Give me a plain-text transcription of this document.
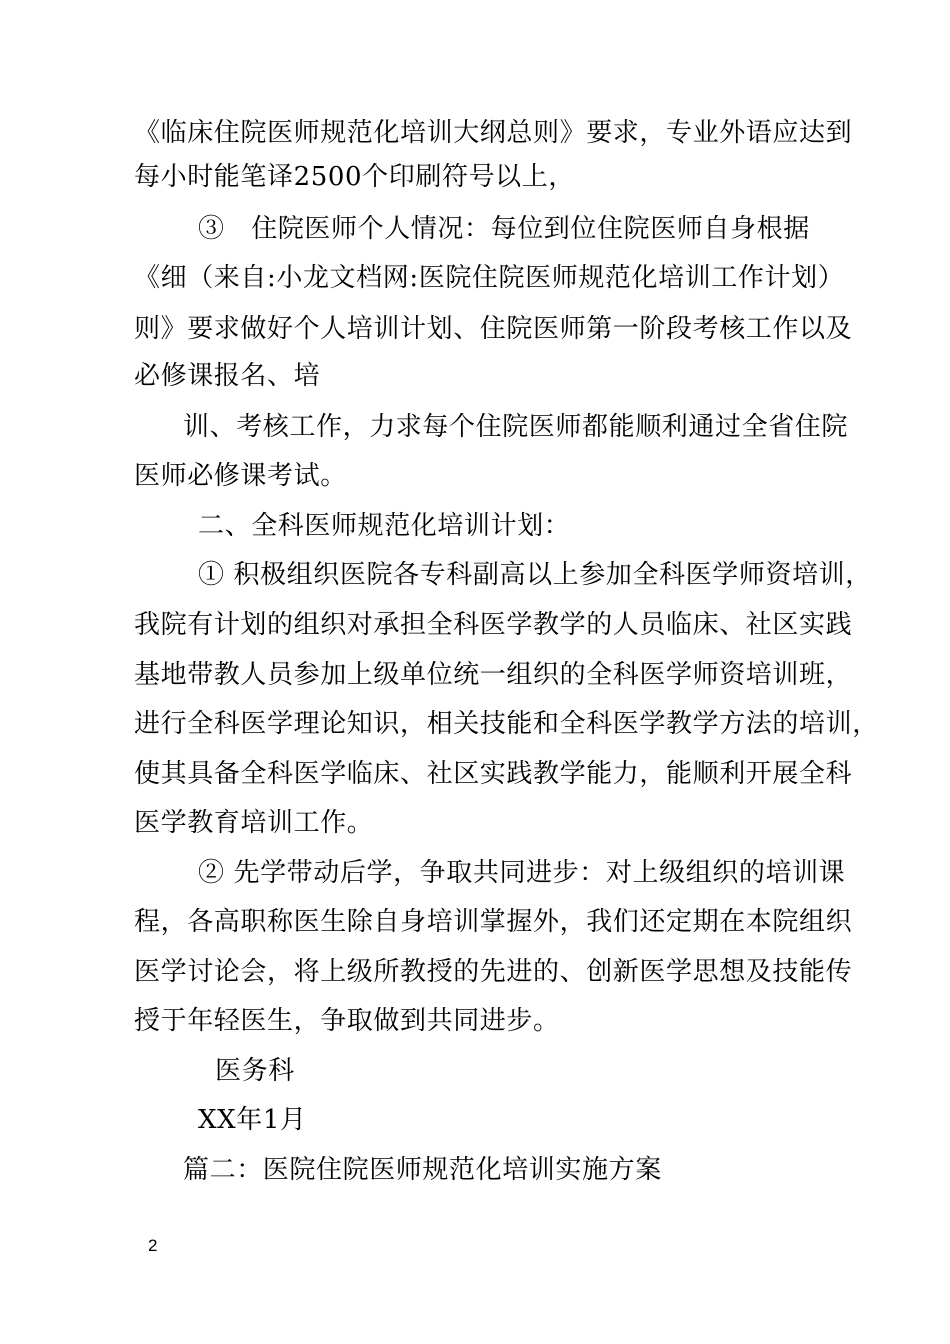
《临床住院医师规范化培训大纲总则》要求，专业外语应达到
每小时能笔译2500个印刷符号以上，
③　住院医师个人情况：每位到位住院医师自身根据
《细（来自:小龙文档网:医院住院医师规范化培训工作计划）
则》要求做好个人培训计划、住院医师第一阶段考核工作以及
必修课报名、培
训、考核工作，力求每个住院医师都能顺利通过全省住院
医师必修课考试。
二、全科医师规范化培训计划：
① 积极组织医院各专科副高以上参加全科医学师资培训，
我院有计划的组织对承担全科医学教学的人员临床、社区实践
基地带教人员参加上级单位统一组织的全科医学师资培训班，
进行全科医学理论知识，相关技能和全科医学教学方法的培训，
使其具备全科医学临床、社区实践教学能力，能顺利开展全科
医学教育培训工作。
② 先学带动后学，争取共同进步：对上级组织的培训课
程，各高职称医生除自身培训掌握外，我们还定期在本院组织
医学讨论会，将上级所教授的先进的、创新医学思想及技能传
授于年轻医生，争取做到共同进步。
医务科
XX年1月
篇二：医院住院医师规范化培训实施方案
2
